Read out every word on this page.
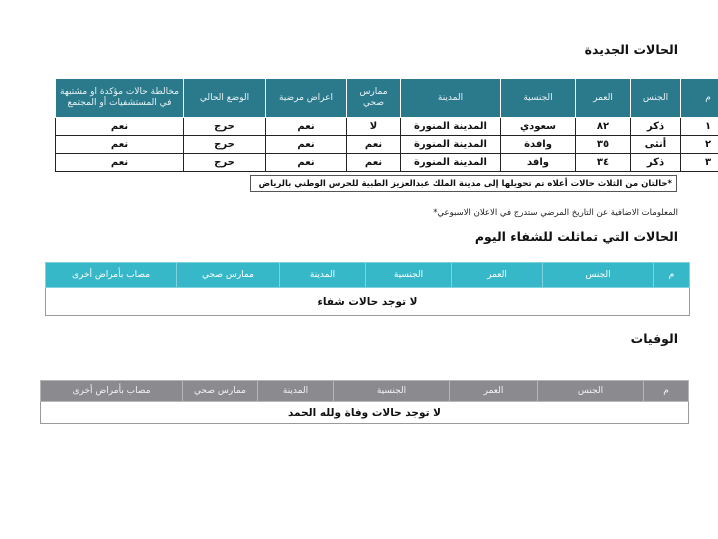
الحالات الجديدة
م	الجنس	العمر	الجنسية	المدينة	ممارس صحي	اعراض مرضية	الوضع الحالي	مخالطة حالات مؤكدة او مشتبهة في المستشفيات أو المجتمع
١	ذكر	٨٢	سعودي	المدينة المنورة	لا	نعم	حرج	نعم
٢	أنثى	٣٥	وافدة	المدينة المنورة	نعم	نعم	حرج	نعم
٣	ذكر	٣٤	وافد	المدينة المنورة	نعم	نعم	حرج	نعم
*حالتان من الثلاث حالات أعلاه تم تحويلها إلى مدينة الملك عبدالعزيز الطبية للحرس الوطني بالرياض
المعلومات الاضافية عن التاريخ المرضي ستدرج في الاعلان الاسبوعي*
الحالات التي تماثلت للشفاء اليوم
م	الجنس	العمر	الجنسية	المدينة	ممارس صحي	مصاب بأمراض أخرى
لا توجد حالات شفاء
الوفيات
م	الجنس	العمر	الجنسية	المدينة	ممارس صحي	مصاب بأمراض أخرى
لا توجد حالات وفاة ولله الحمد
